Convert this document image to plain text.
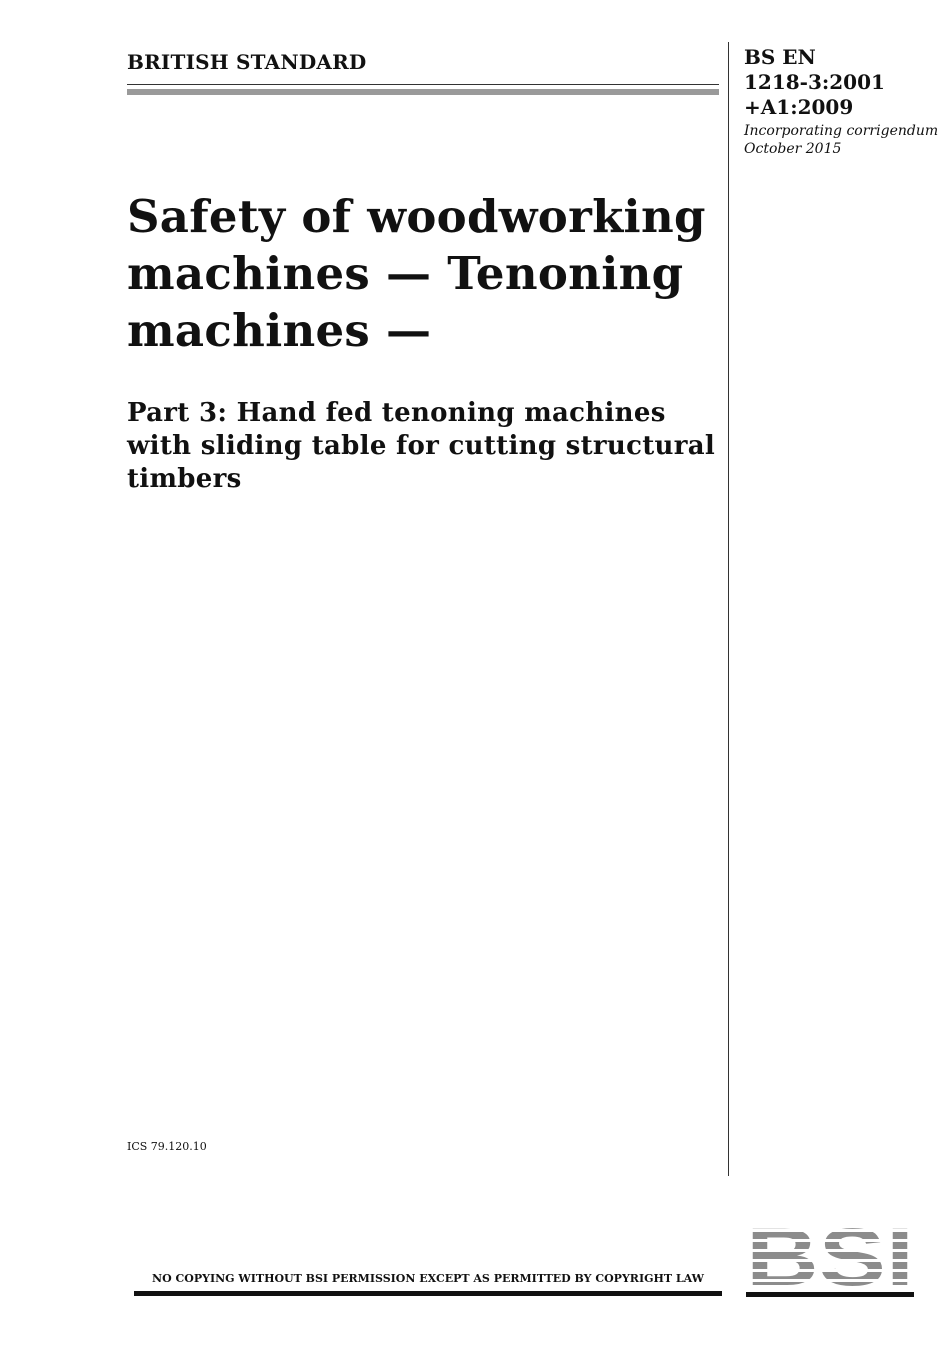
BRITISH STANDARD	BS EN
1218-3:2001
+A1:2009
Incorporating corrigendum
October 2015
Safety of woodworking
machines — Tenoning
machines —
Part 3: Hand fed tenoning machines
with sliding table for cutting structural
timbers
ICS 79.120.10
NO COPYING WITHOUT BSI PERMISSION EXCEPT AS PERMITTED BY COPYRIGHT LAW BSI
